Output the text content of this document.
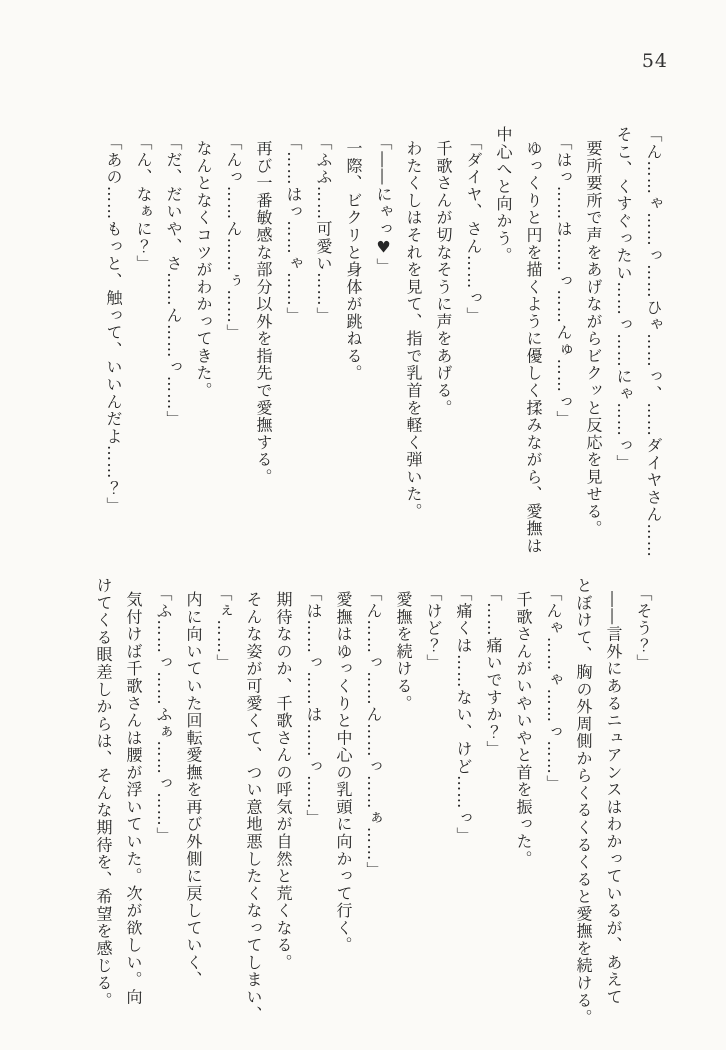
54

「ん……ゃ……っ……ひゃ……っ、……ダイヤさん……

そこ、くすぐったい……っ……にゃ……っ」

要所要所で声をあげながらビクッと反応を見せる。

「はっ……は……っ……んゅ……っ」

ゆっくりと円を描くように優しく揉みながら、愛撫は

中心へと向かう。

「ダイヤ、さん……っ」

千歌さんが切なそうに声をあげる。

わたくしはそれを見て、指で乳首を軽く弾いた。

「――にゃっ♥」

一際、ビクリと身体が跳ねる。

「ふふ……可愛い……」

「……はっ……ゃ……」

再び一番敏感な部分以外を指先で愛撫する。

「んっ……ん……ぅ……」

なんとなくコツがわかってきた。

「だ、だいや、さ……ん……っ……」

「ん、なぁに？」

「あの……もっと、触って、いいんだよ……？」

「そう？」

――言外にあるニュアンスはわかっているが、あえて

とぼけて、胸の外周側からくるくるくると愛撫を続ける。

「んゃ……ゃ……っ……」

千歌さんがいやいやと首を振った。

「……痛いですか？」

「痛くは……ない、けど……っ」

「けど？」

愛撫を続ける。

「ん……っ……ん……っ……ぁ……」

愛撫はゆっくりと中心の乳頭に向かって行く。

「は……っ……は……っ……」

期待なのか、千歌さんの呼気が自然と荒くなる。

そんな姿が可愛くて、つい意地悪したくなってしまい、

「ぇ……」

内に向いていた回転愛撫を再び外側に戻していく、

「ふ……っ……ふぁ……っ……」

気付けば千歌さんは腰が浮いていた。次が欲しい。向

けてくる眼差しからは、そんな期待を、希望を感じる。
